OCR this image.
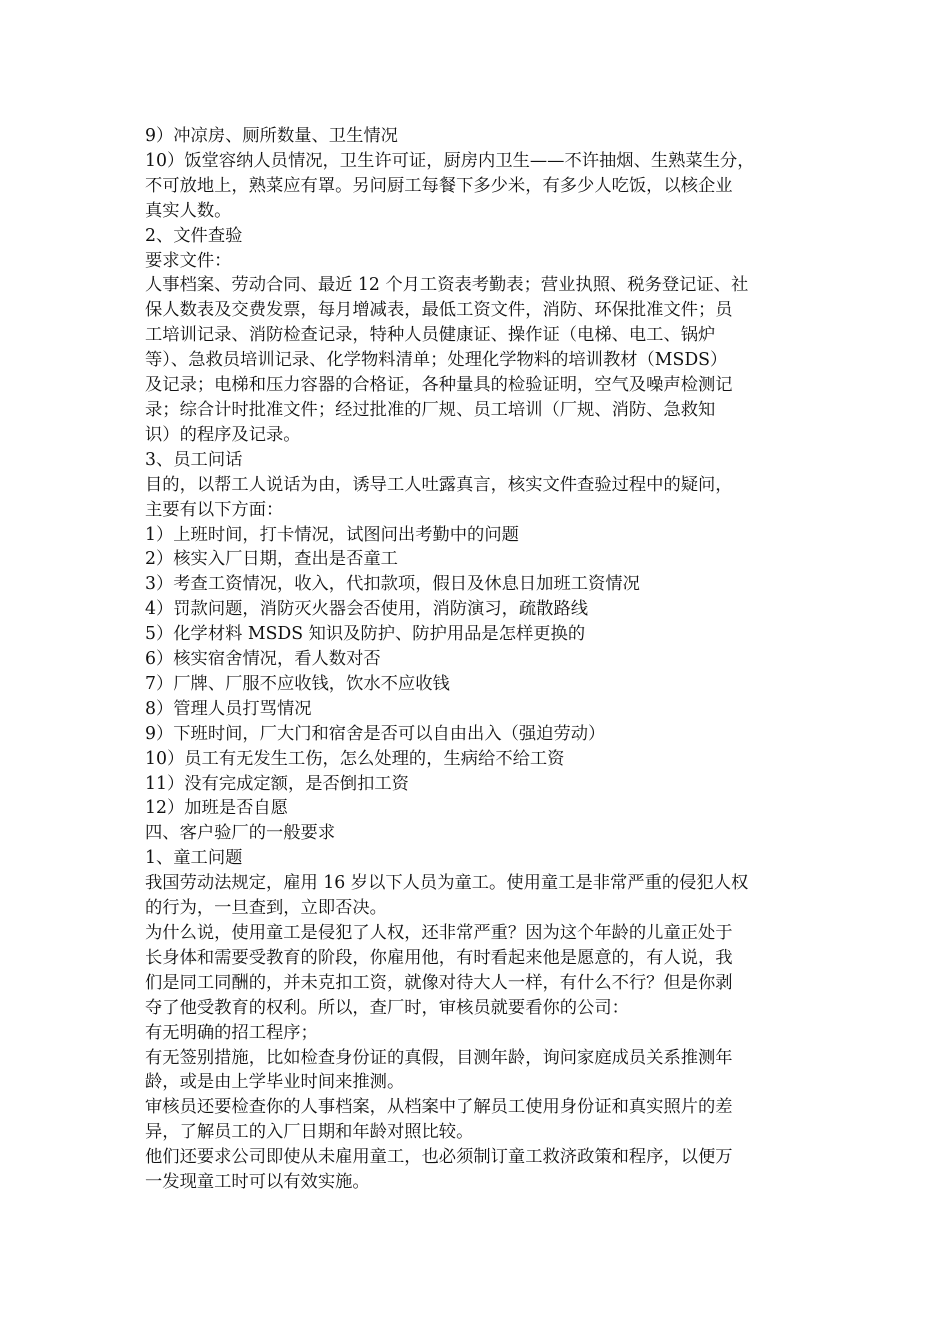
9）冲凉房、厕所数量、卫生情况

10）饭堂容纳人员情况，卫生许可证，厨房内卫生——不许抽烟、生熟菜生分，

不可放地上，熟菜应有罩。另问厨工每餐下多少米，有多少人吃饭，以核企业

真实人数。

2、文件查验

要求文件：

人事档案、劳动合同、最近 12 个月工资表考勤表；营业执照、税务登记证、社

保人数表及交费发票，每月增减表，最低工资文件，消防、环保批准文件；员

工培训记录、消防检查记录，特种人员健康证、操作证（电梯、电工、锅炉

等）、急救员培训记录、化学物料清单；处理化学物料的培训教材（MSDS）

及记录；电梯和压力容器的合格证，各种量具的检验证明，空气及噪声检测记

录；综合计时批准文件；经过批准的厂规、员工培训（厂规、消防、急救知

识）的程序及记录。

3、员工问话

目的，以帮工人说话为由，诱导工人吐露真言，核实文件查验过程中的疑问，

主要有以下方面：

1）上班时间，打卡情况，试图问出考勤中的问题

2）核实入厂日期，查出是否童工

3）考查工资情况，收入，代扣款项，假日及休息日加班工资情况

4）罚款问题，消防灭火器会否使用，消防演习，疏散路线

5）化学材料 MSDS 知识及防护、防护用品是怎样更换的

6）核实宿舍情况，看人数对否

7）厂牌、厂服不应收钱，饮水不应收钱

8）管理人员打骂情况

9）下班时间，厂大门和宿舍是否可以自由出入（强迫劳动）

10）员工有无发生工伤，怎么处理的，生病给不给工资

11）没有完成定额，是否倒扣工资

12）加班是否自愿

四、客户验厂的一般要求

1、童工问题

我国劳动法规定，雇用 16 岁以下人员为童工。使用童工是非常严重的侵犯人权

的行为，一旦查到，立即否决。

为什么说，使用童工是侵犯了人权，还非常严重？因为这个年龄的儿童正处于

长身体和需要受教育的阶段，你雇用他，有时看起来他是愿意的，有人说，我

们是同工同酬的，并未克扣工资，就像对待大人一样，有什么不行？但是你剥

夺了他受教育的权利。所以，查厂时，审核员就要看你的公司：

有无明确的招工程序；

有无签别措施，比如检查身份证的真假，目测年龄，询问家庭成员关系推测年

龄，或是由上学毕业时间来推测。

审核员还要检查你的人事档案，从档案中了解员工使用身份证和真实照片的差

异，了解员工的入厂日期和年龄对照比较。

他们还要求公司即使从未雇用童工，也必须制订童工救济政策和程序，以便万

一发现童工时可以有效实施。
